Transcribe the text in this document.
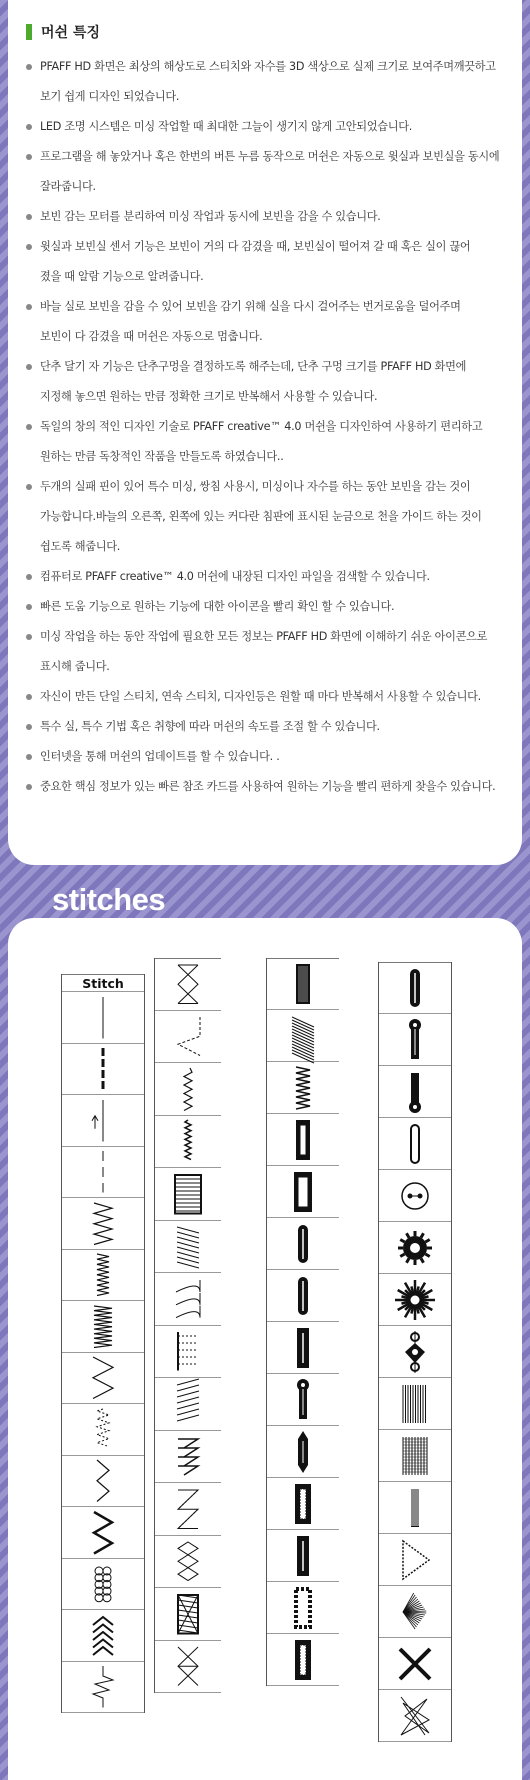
머쉰 특징
PFAFF HD 화면은 최상의 해상도로 스티치와 자수를 3D 색상으로 실제 크기로 보여주며깨끗하고
보기 쉽게 디자인 되었습니다.
LED 조명 시스템은 미싱 작업할 때 최대한 그늘이 생기지 않게 고안되었습니다.
프로그램을 해 놓았거나 혹은 한번의 버튼 누름 동작으로 머쉰은 자동으로 윗실과 보빈실을 동시에
잘라줍니다.
보빈 감는 모터를 분리하여 미싱 작업과 동시에 보빈을 감을 수 있습니다.
윗실과 보빈실 센서 기능은 보빈이 거의 다 감겼을 때, 보빈실이 떨어져 갈 때 혹은 실이 끊어
졌을 때 알람 기능으로 알려줍니다.
바늘 실로 보빈을 감을 수 있어 보빈을 감기 위해 실을 다시 걸어주는 번거로움을 덜어주며
보빈이 다 감겼을 때 머쉰은 자동으로 멈춥니다.
단추 달기 자 기능은 단추구멍을 결정하도록 해주는데, 단추 구멍 크기를 PFAFF HD 화면에
지정해 놓으면 원하는 만큼 정확한 크기로 반복해서 사용할 수 있습니다.
독일의 창의 적인 디자인 기술로 PFAFF creative™ 4.0 머쉰을 디자인하여 사용하기 편리하고
원하는 만큼 독창적인 작품을 만들도록 하였습니다..
두개의 실패 핀이 있어 특수 미싱, 쌍침 사용시, 미싱이나 자수를 하는 동안 보빈을 감는 것이
가능합니다.바늘의 오른쪽, 왼쪽에 있는 커다란 침판에 표시된 눈금으로 천을 가이드 하는 것이
쉽도록 해줍니다.
컴퓨터로 PFAFF creative™ 4.0 머쉰에 내장된 디자인 파일을 검색할 수 있습니다.
빠른 도움 기능으로 원하는 기능에 대한 아이콘을 빨리 확인 할 수 있습니다.
미싱 작업을 하는 동안 작업에 필요한 모든 정보는 PFAFF HD 화면에 이해하기 쉬운 아이콘으로
표시해 줍니다.
자신이 만든 단일 스티치, 연속 스티치, 디자인등은 원할 때 마다 반복해서 사용할 수 있습니다.
특수 실, 특수 기법 혹은 취향에 따라 머쉰의 속도를 조절 할 수 있습니다.
인터넷을 통해 머쉰의 업데이트를 할 수 있습니다. .
중요한 핵심 정보가 있는 빠른 참조 카드를 사용하여 원하는 기능을 빨리 편하게 찾을수 있습니다.
stitches
Stitch
